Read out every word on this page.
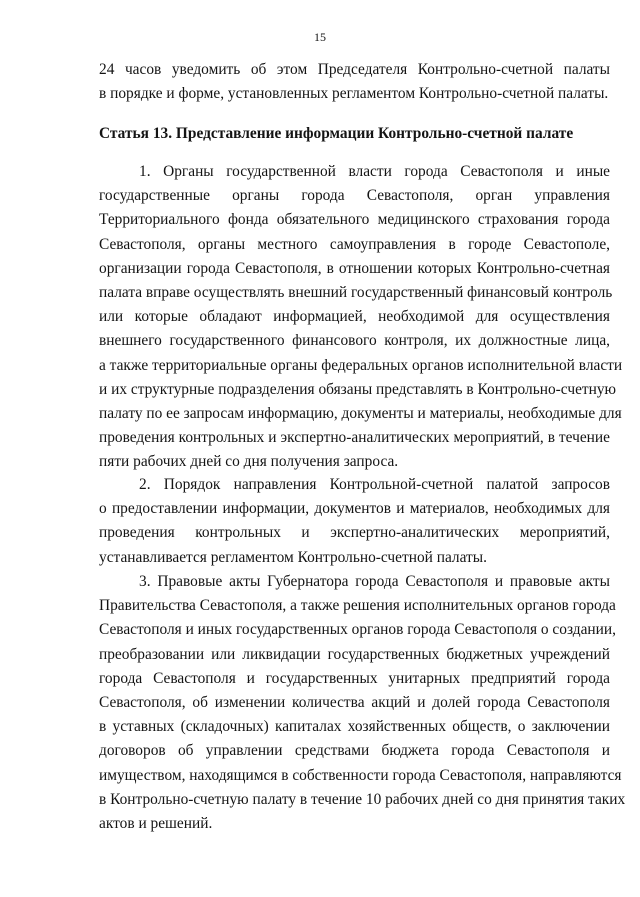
15
24 часов уведомить об этом Председателя Контрольно-счетной палаты
в порядке и форме, установленных регламентом Контрольно-счетной палаты.
Статья 13. Представление информации Контрольно-счетной палате
1. Органы государственной власти города Севастополя и иные
государственные органы города Севастополя, орган управления
Территориального фонда обязательного медицинского страхования города
Севастополя, органы местного самоуправления в городе Севастополе,
организации города Севастополя, в отношении которых Контрольно-счетная
палата вправе осуществлять внешний государственный финансовый контроль
или которые обладают информацией, необходимой для осуществления
внешнего государственного финансового контроля, их должностные лица,
а также территориальные органы федеральных органов исполнительной власти
и их структурные подразделения обязаны представлять в Контрольно-счетную
палату по ее запросам информацию, документы и материалы, необходимые для
проведения контрольных и экспертно-аналитических мероприятий, в течение
пяти рабочих дней со дня получения запроса.
2. Порядок направления Контрольной-счетной палатой запросов
о предоставлении информации, документов и материалов, необходимых для
проведения контрольных и экспертно-аналитических мероприятий,
устанавливается регламентом Контрольно-счетной палаты.
3. Правовые акты Губернатора города Севастополя и правовые акты
Правительства Севастополя, а также решения исполнительных органов города
Севастополя и иных государственных органов города Севастополя о создании,
преобразовании или ликвидации государственных бюджетных учреждений
города Севастополя и государственных унитарных предприятий города
Севастополя, об изменении количества акций и долей города Севастополя
в уставных (складочных) капиталах хозяйственных обществ, о заключении
договоров об управлении средствами бюджета города Севастополя и
имуществом, находящимся в собственности города Севастополя, направляются
в Контрольно-счетную палату в течение 10 рабочих дней со дня принятия таких
актов и решений.
